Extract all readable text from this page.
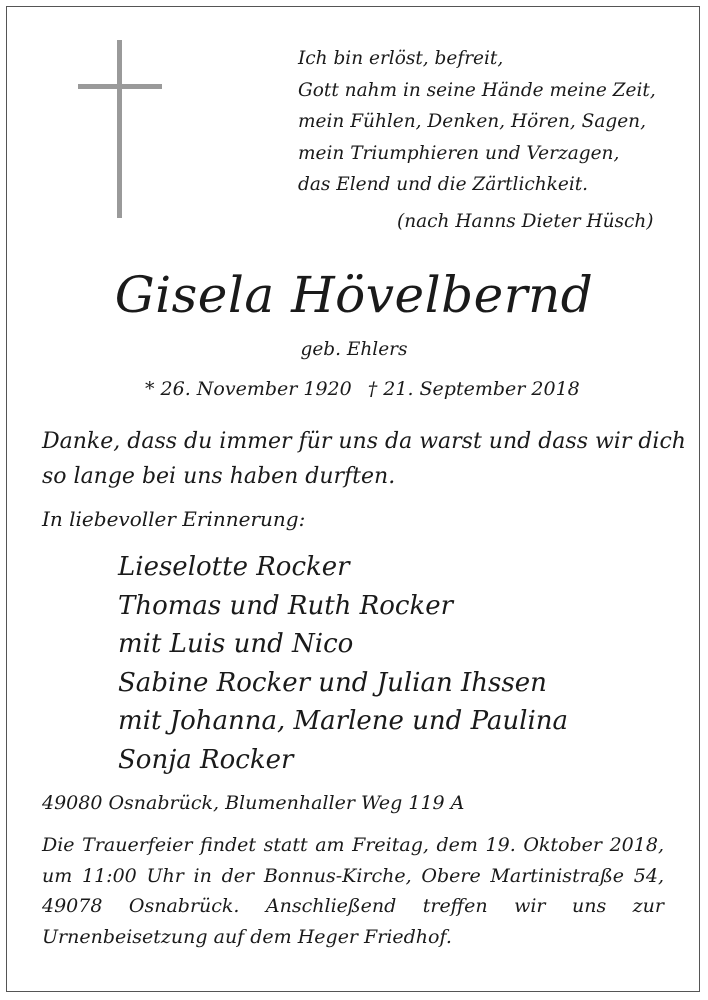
Ich bin erlöst, befreit,
Gott nahm in seine Hände meine Zeit,
mein Fühlen, Denken, Hören, Sagen,
mein Triumphieren und Verzagen,
das Elend und die Zärtlichkeit.
(nach Hanns Dieter Hüsch)
Gisela Hövelbernd
geb. Ehlers
* 26. November 1920 † 21. September 2018
Danke, dass du immer für uns da warst und dass wir dich
so lange bei uns haben durften.
In liebevoller Erinnerung:
Lieselotte Rocker
Thomas und Ruth Rocker
mit Luis und Nico
Sabine Rocker und Julian Ihssen
mit Johanna, Marlene und Paulina
Sonja Rocker
49080 Osnabrück, Blumenhaller Weg 119 A
Die Trauerfeier findet statt am Freitag, dem 19. Oktober 2018,
um 11:00 Uhr in der Bonnus-Kirche, Obere Martinistraße 54,
49078 Osnabrück. Anschließend treffen wir uns zur
Urnenbeisetzung auf dem Heger Friedhof.
